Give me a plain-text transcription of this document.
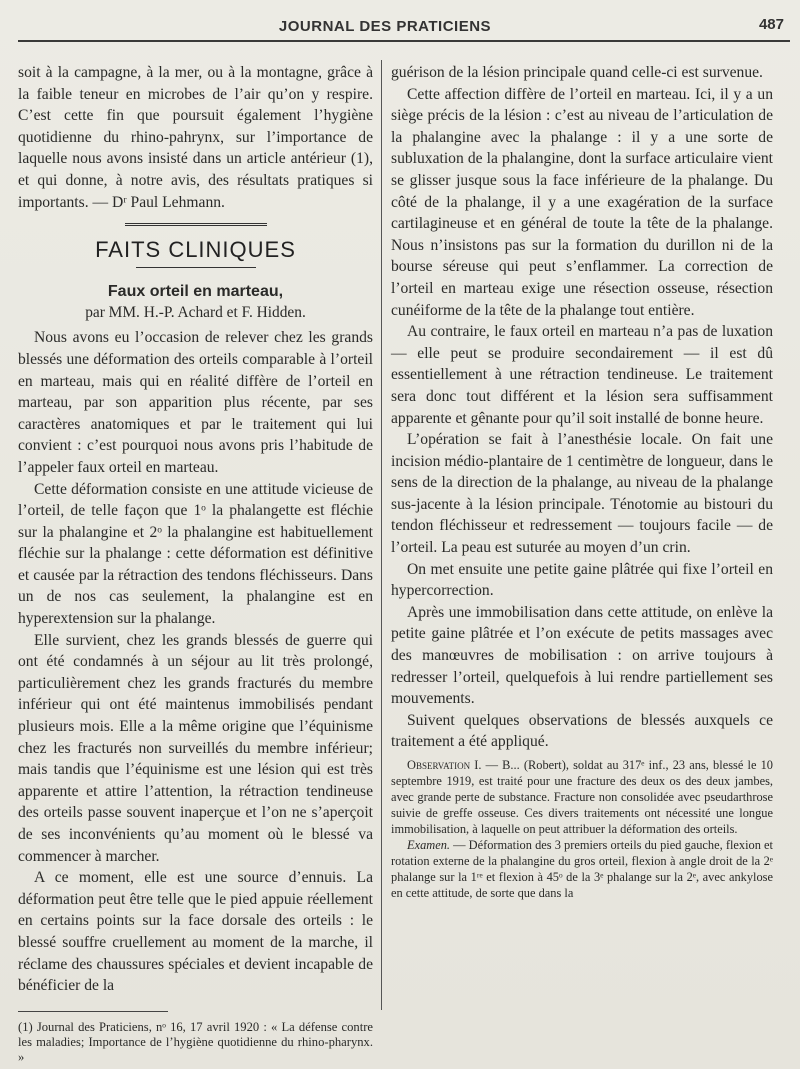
JOURNAL DES PRATICIENS	487

soit à la campagne, à la mer, ou à la montagne, grâce à la faible teneur en microbes de l’air qu’on y respire. C’est cette fin que poursuit également l’hygiène quotidienne du rhino-pahrynx, sur l’importance de laquelle nous avons insisté dans un article antérieur (1), et qui donne, à notre avis, des résultats pratiques si importants. — Dʳ Paul Lehmann.

FAITS CLINIQUES
Faux orteil en marteau,
par MM. H.-P. Achard et F. Hidden.

Nous avons eu l’occasion de relever chez les grands blessés une déformation des orteils comparable à l’orteil en marteau, mais qui en réalité diffère de l’orteil en marteau, par son apparition plus récente, par ses caractères anatomiques et par le traitement qui lui convient : c’est pourquoi nous avons pris l’habitude de l’appeler faux orteil en marteau.

Cette déformation consiste en une attitude vicieuse de l’orteil, de telle façon que 1ᵒ la phalangette est fléchie sur la phalangine et 2ᵒ la phalangine est habituellement fléchie sur la phalange : cette déformation est définitive et causée par la rétraction des tendons fléchisseurs. Dans un de nos cas seulement, la phalangine est en hyperextension sur la phalange.

Elle survient, chez les grands blessés de guerre qui ont été condamnés à un séjour au lit très prolongé, particulièrement chez les grands fracturés du membre inférieur qui ont été maintenus immobilisés pendant plusieurs mois. Elle a la même origine que l’équinisme chez les fracturés non surveillés du membre inférieur; mais tandis que l’équinisme est une lésion qui est très apparente et attire l’attention, la rétraction tendineuse des orteils passe souvent inaperçue et l’on ne s’aperçoit de ses inconvénients qu’au moment où le blessé va commencer à marcher.

A ce moment, elle est une source d’ennuis. La déformation peut être telle que le pied appuie réellement en certains points sur la face dorsale des orteils : le blessé souffre cruellement au moment de la marche, il réclame des chaussures spéciales et devient incapable de bénéficier de la

(1) Journal des Praticiens, nᵒ 16, 17 avril 1920 : « La défense contre les maladies; Importance de l’hygiène quotidienne du rhino-pharynx. »

guérison de la lésion principale quand celle-ci est survenue.

Cette affection diffère de l’orteil en marteau. Ici, il y a un siège précis de la lésion : c’est au niveau de l’articulation de la phalangine avec la phalange : il y a une sorte de subluxation de la phalangine, dont la surface articulaire vient se glisser jusque sous la face inférieure de la phalange. Du côté de la phalange, il y a une exagération de la surface cartilagineuse et en général de toute la tête de la phalange. Nous n’insistons pas sur la formation du durillon ni de la bourse séreuse qui peut s’enflammer. La correction de l’orteil en marteau exige une résection osseuse, résection cunéiforme de la tête de la phalange tout entière.

Au contraire, le faux orteil en marteau n’a pas de luxation — elle peut se produire secondairement — il est dû essentiellement à une rétraction tendineuse. Le traitement sera donc tout différent et la lésion sera suffisamment apparente et gênante pour qu’il soit installé de bonne heure.

L’opération se fait à l’anesthésie locale. On fait une incision médio-plantaire de 1 centimètre de longueur, dans le sens de la direction de la phalange, au niveau de la phalange sus-jacente à la lésion principale. Ténotomie au bistouri du tendon fléchisseur et redressement — toujours facile — de l’orteil. La peau est suturée au moyen d’un crin.

On met ensuite une petite gaine plâtrée qui fixe l’orteil en hypercorrection.

Après une immobilisation dans cette attitude, on enlève la petite gaine plâtrée et l’on exécute de petits massages avec des manœuvres de mobilisation : on arrive toujours à redresser l’orteil, quelquefois à lui rendre partiellement ses mouvements.

Suivent quelques observations de blessés auxquels ce traitement a été appliqué.

Observation I. — B... (Robert), soldat au 317ᵉ inf., 23 ans, blessé le 10 septembre 1919, est traité pour une fracture des deux os des deux jambes, avec grande perte de substance. Fracture non consolidée avec pseudarthrose suivie de greffe osseuse. Ces divers traitements ont nécessité une longue immobilisation, à laquelle on peut attribuer la déformation des orteils.

Examen. — Déformation des 3 premiers orteils du pied gauche, flexion et rotation externe de la phalangine du gros orteil, flexion à angle droit de la 2ᵉ phalange sur la 1ʳᵉ et flexion à 45ᵒ de la 3ᵉ phalange sur la 2ᵉ, avec ankylose en cette attitude, de sorte que dans la
